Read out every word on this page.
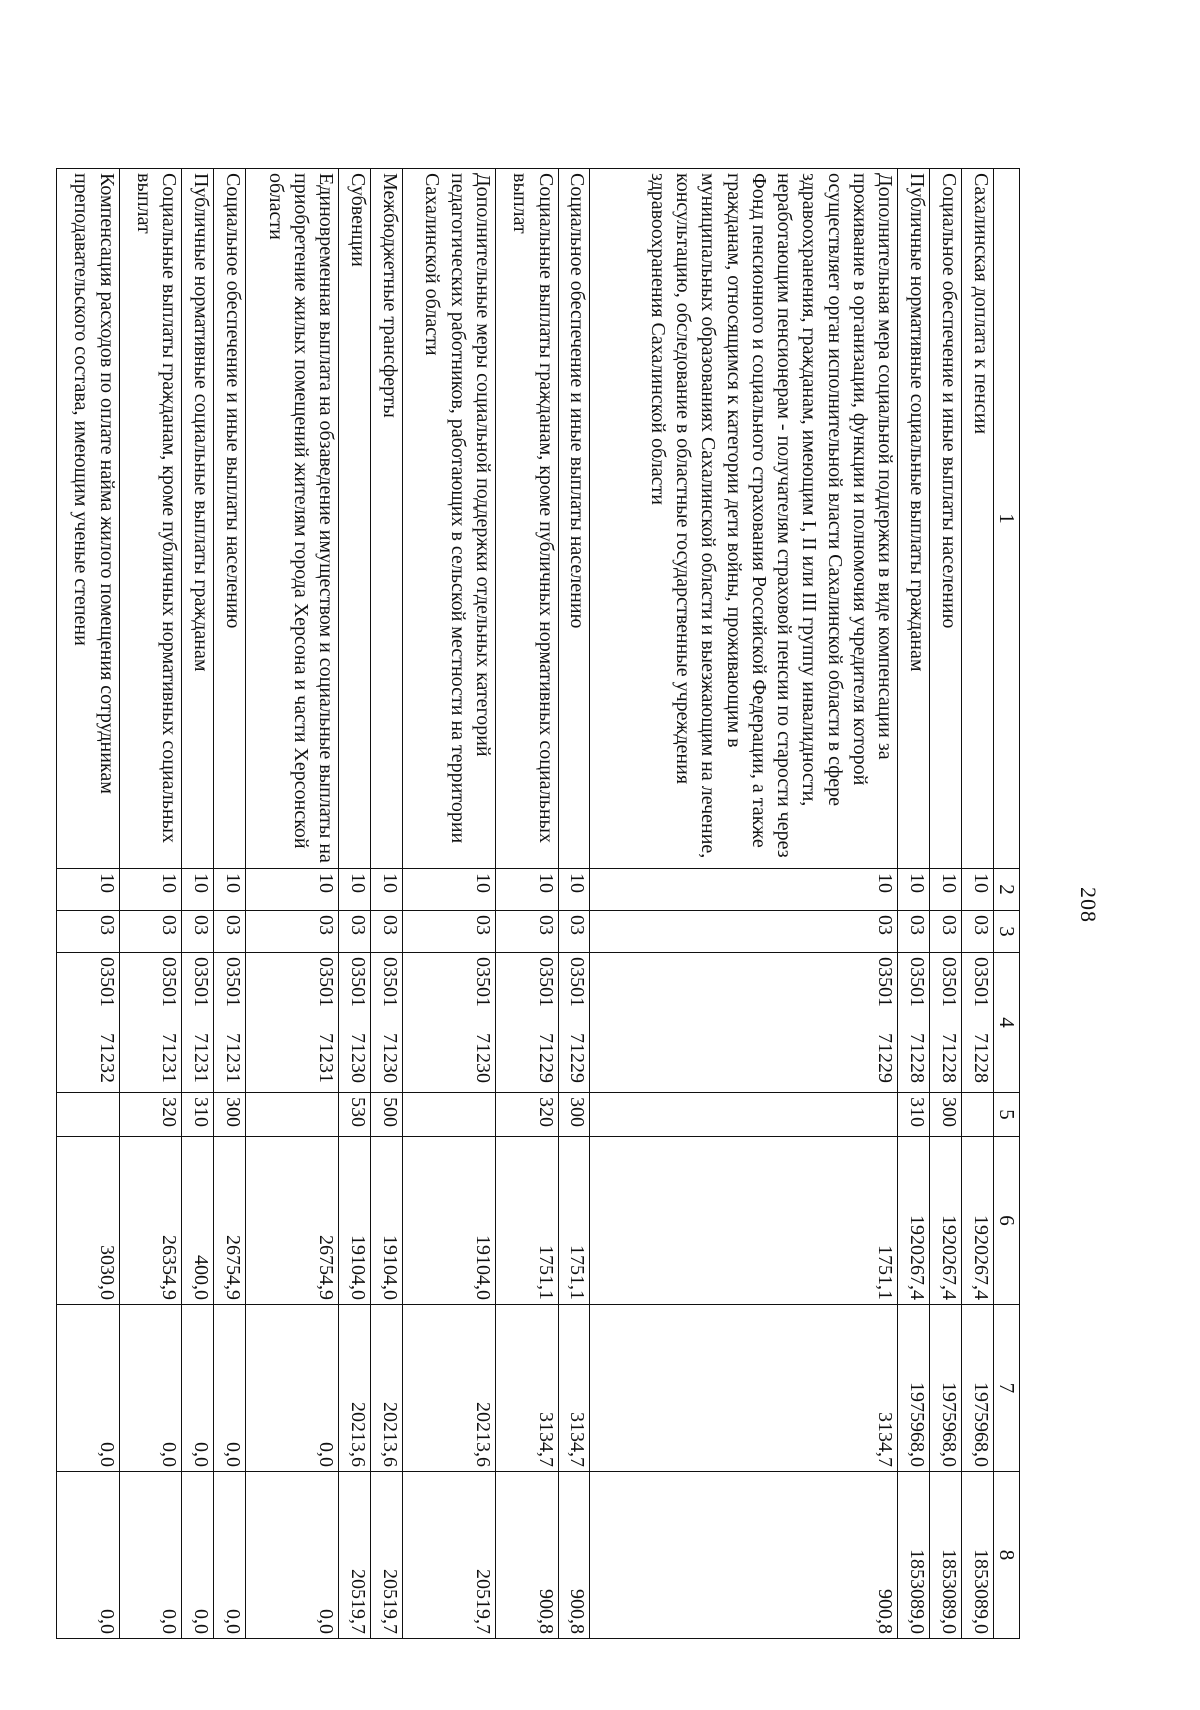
208
1	2	3	4	5	6	7	8
Сахалинская доплата к пенсии	10	03	0350171228		1920267,4	1975968,0	1853089,0
Социальное обеспечение и иные выплаты населению	10	03	0350171228	300	1920267,4	1975968,0	1853089,0
Публичные нормативные социальные выплаты гражданам	10	03	0350171228	310	1920267,4	1975968,0	1853089,0
Дополнительная мера социальной поддержки в виде компенсации за проживание в организации, функции и полномочия учредителя которой осуществляет орган исполнительной власти Сахалинской области в сфере здравоохранения, гражданам, имеющим I, II или III группу инвалидности, неработающим пенсионерам - получателям страховой пенсии по старости через Фонд пенсионного и социального страхования Российской Федерации, а также гражданам, относящимся к категории дети войны, проживающим в муниципальных образованиях Сахалинской области и выезжающим на лечение, консультацию, обследование в областные государственные учреждения здравоохранения Сахалинской области	10	03	0350171229		1751,1	3134,7	900,8
Социальное обеспечение и иные выплаты населению	10	03	0350171229	300	1751,1	3134,7	900,8
Социальные выплаты гражданам, кроме публичных нормативных социальных выплат	10	03	0350171229	320	1751,1	3134,7	900,8
Дополнительные меры социальной поддержки отдельных категорий педагогических работников, работающих в сельской местности на территории Сахалинской области	10	03	0350171230		19104,0	20213,6	20519,7
Межбюджетные трансферты	10	03	0350171230	500	19104,0	20213,6	20519,7
Субвенции	10	03	0350171230	530	19104,0	20213,6	20519,7
Единовременная выплата на обзаведение имуществом и социальные выплаты на приобретение жилых помещений жителям города Херсона и части Херсонской области	10	03	0350171231		26754,9	0,0	0,0
Социальное обеспечение и иные выплаты населению	10	03	0350171231	300	26754,9	0,0	0,0
Публичные нормативные социальные выплаты гражданам	10	03	0350171231	310	400,0	0,0	0,0
Социальные выплаты гражданам, кроме публичных нормативных социальных выплат	10	03	0350171231	320	26354,9	0,0	0,0
Компенсация расходов по оплате найма жилого помещения сотрудникам преподавательского состава, имеющим ученые степени	10	03	0350171232		3030,0	0,0	0,0
